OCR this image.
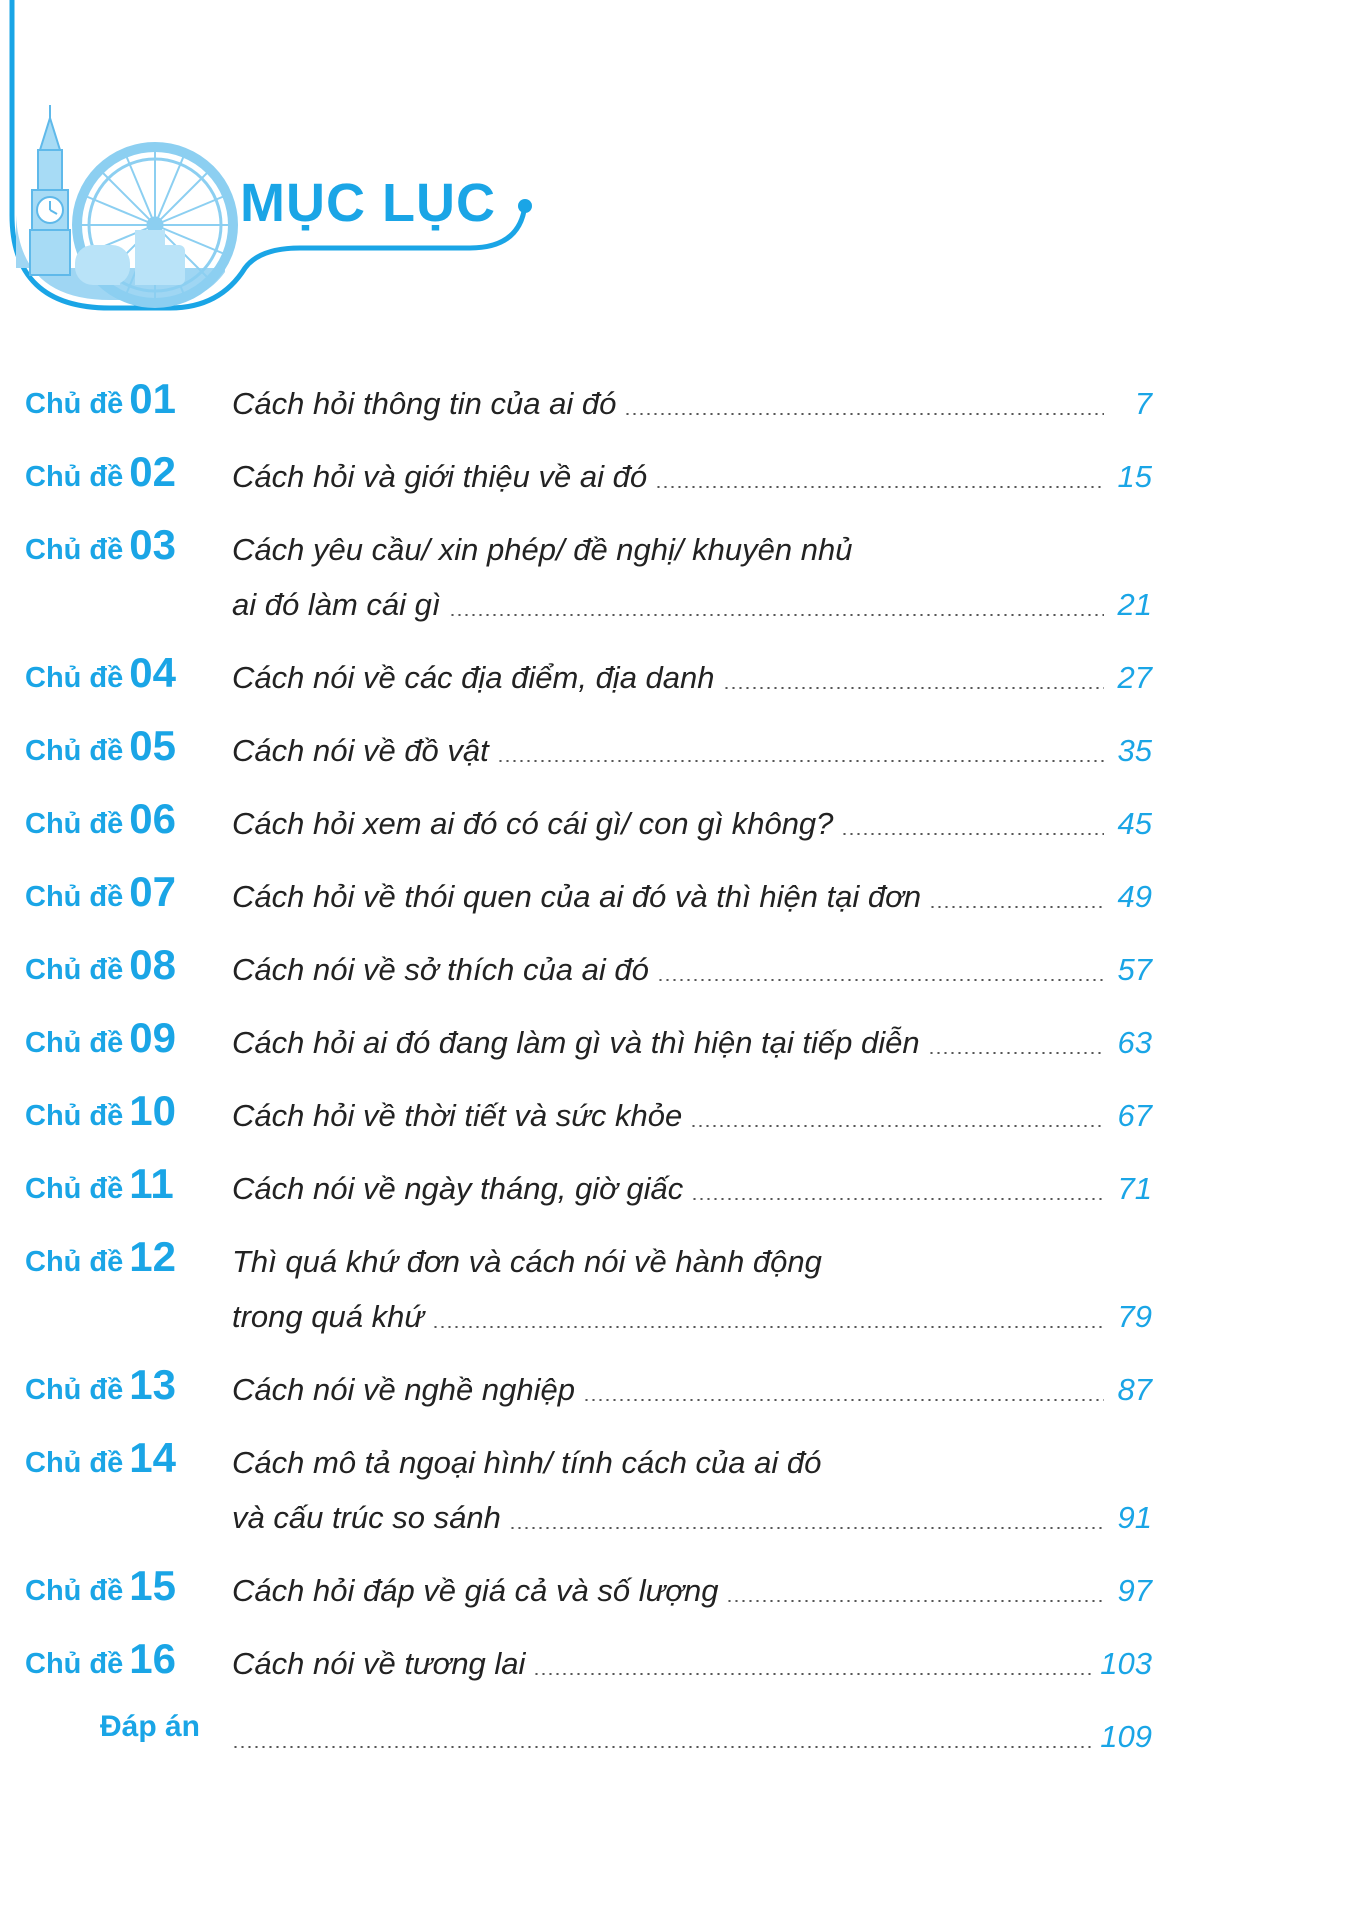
MỤC LỤC
Chủ đề 01	Cách hỏi thông tin của ai đó	7
Chủ đề 02	Cách hỏi và giới thiệu về ai đó	15
Chủ đề 03	Cách yêu cầu/ xin phép/ đề nghị/ khuyên nhủ
ai đó làm cái gì	21
Chủ đề 04	Cách nói về các địa điểm, địa danh	27
Chủ đề 05	Cách nói về đồ vật	35
Chủ đề 06	Cách hỏi xem ai đó có cái gì/ con gì không?	45
Chủ đề 07	Cách hỏi về thói quen của ai đó và thì hiện tại đơn	49
Chủ đề 08	Cách nói về sở thích của ai đó	57
Chủ đề 09	Cách hỏi ai đó đang làm gì và thì hiện tại tiếp diễn	63
Chủ đề 10	Cách hỏi về thời tiết và sức khỏe	67
Chủ đề 11	Cách nói về ngày tháng, giờ giấc	71
Chủ đề 12	Thì quá khứ đơn và cách nói về hành động
trong quá khứ	79
Chủ đề 13	Cách nói về nghề nghiệp	87
Chủ đề 14	Cách mô tả ngoại hình/ tính cách của ai đó
và cấu trúc so sánh	91
Chủ đề 15	Cách hỏi đáp về giá cả và số lượng	97
Chủ đề 16	Cách nói về tương lai	103
Đáp án	109
